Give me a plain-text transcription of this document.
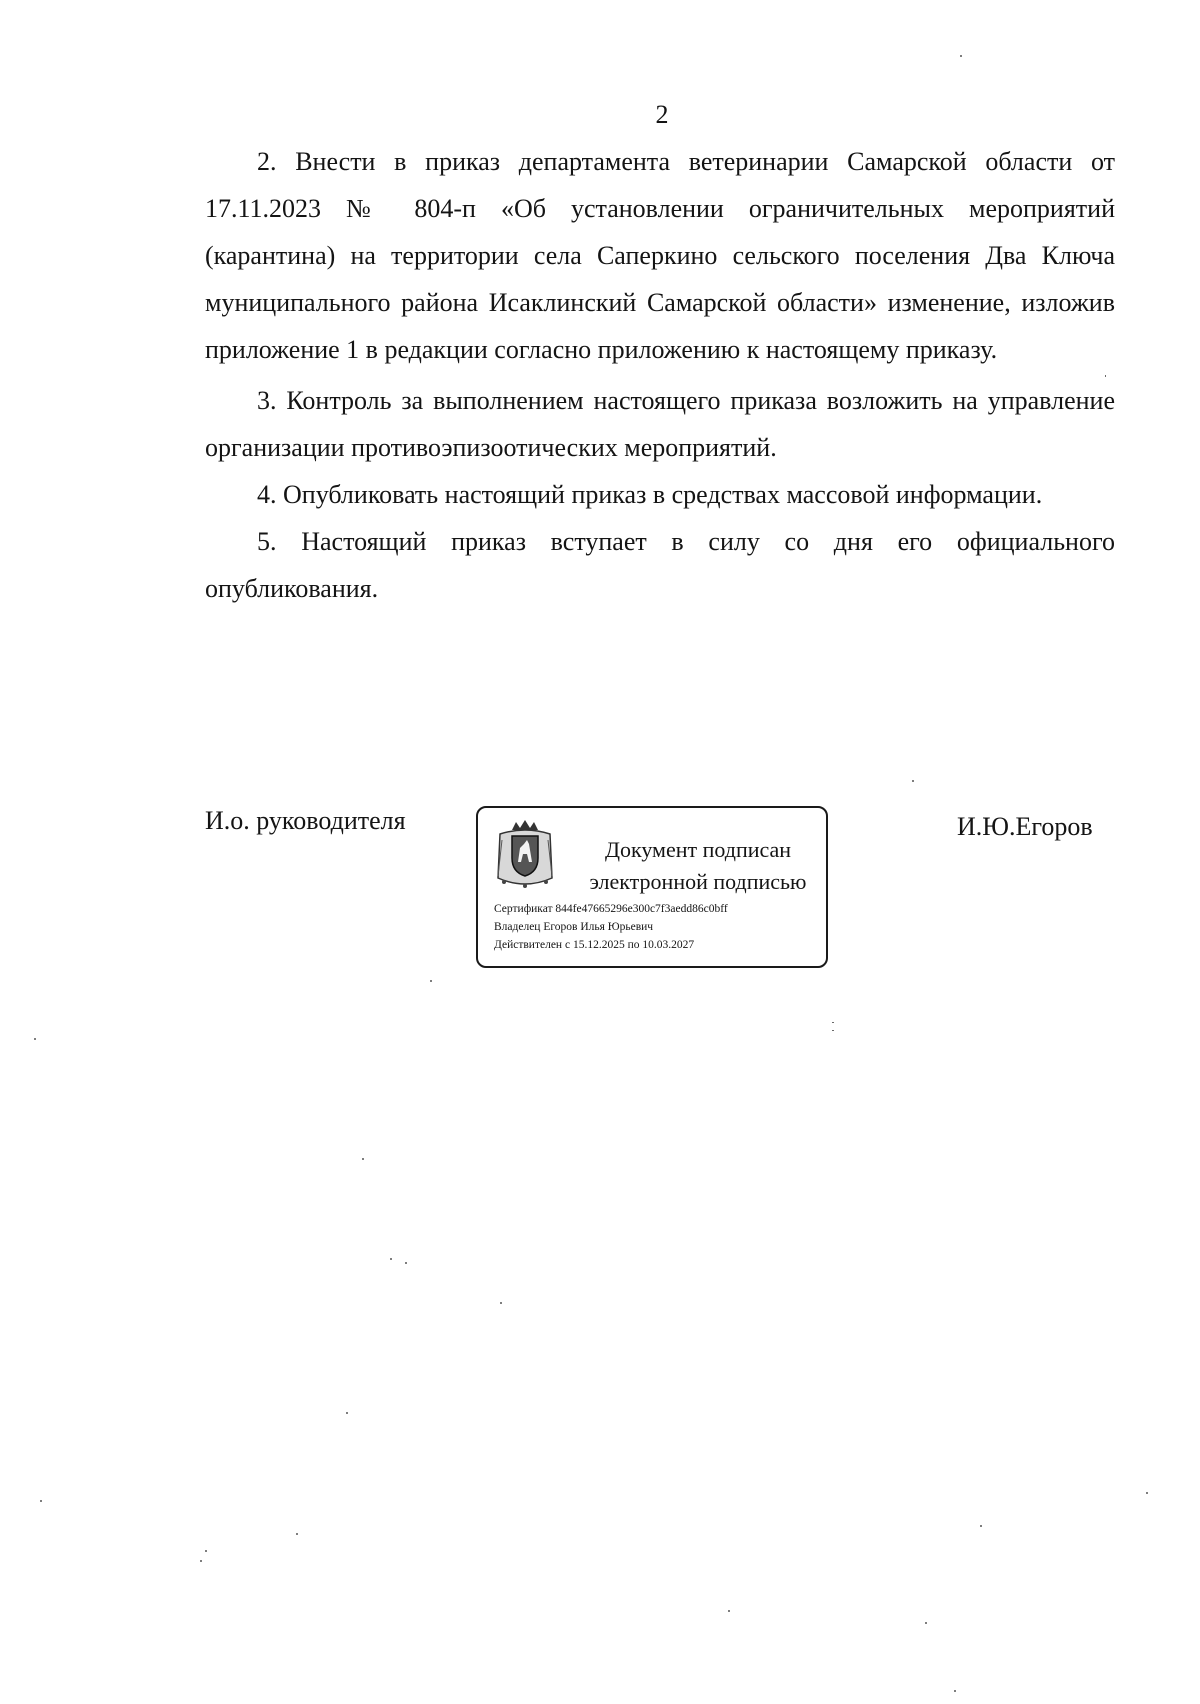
2

2. Внести в приказ департамента ветеринарии Самарской области от 17.11.2023 № 804-п «Об установлении ограничительных мероприятий (карантина) на территории села Саперкино сельского поселения Два Ключа муниципального района Исаклинский Самарской области» изменение, изложив приложение 1 в редакции согласно приложению к настоящему приказу.

3. Контроль за выполнением настоящего приказа возложить на управление организации противоэпизоотических мероприятий.

4. Опубликовать настоящий приказ в средствах массовой информации.

5. Настоящий приказ вступает в силу со дня его официального опубликования.

И.о. руководителя
Документ подписан
электронной подписью
Сертификат 844fe47665296e300c7f3aedd86c0bff
Владелец Егоров Илья Юрьевич
Действителен с 15.12.2025 по 10.03.2027
И.Ю.Егоров
